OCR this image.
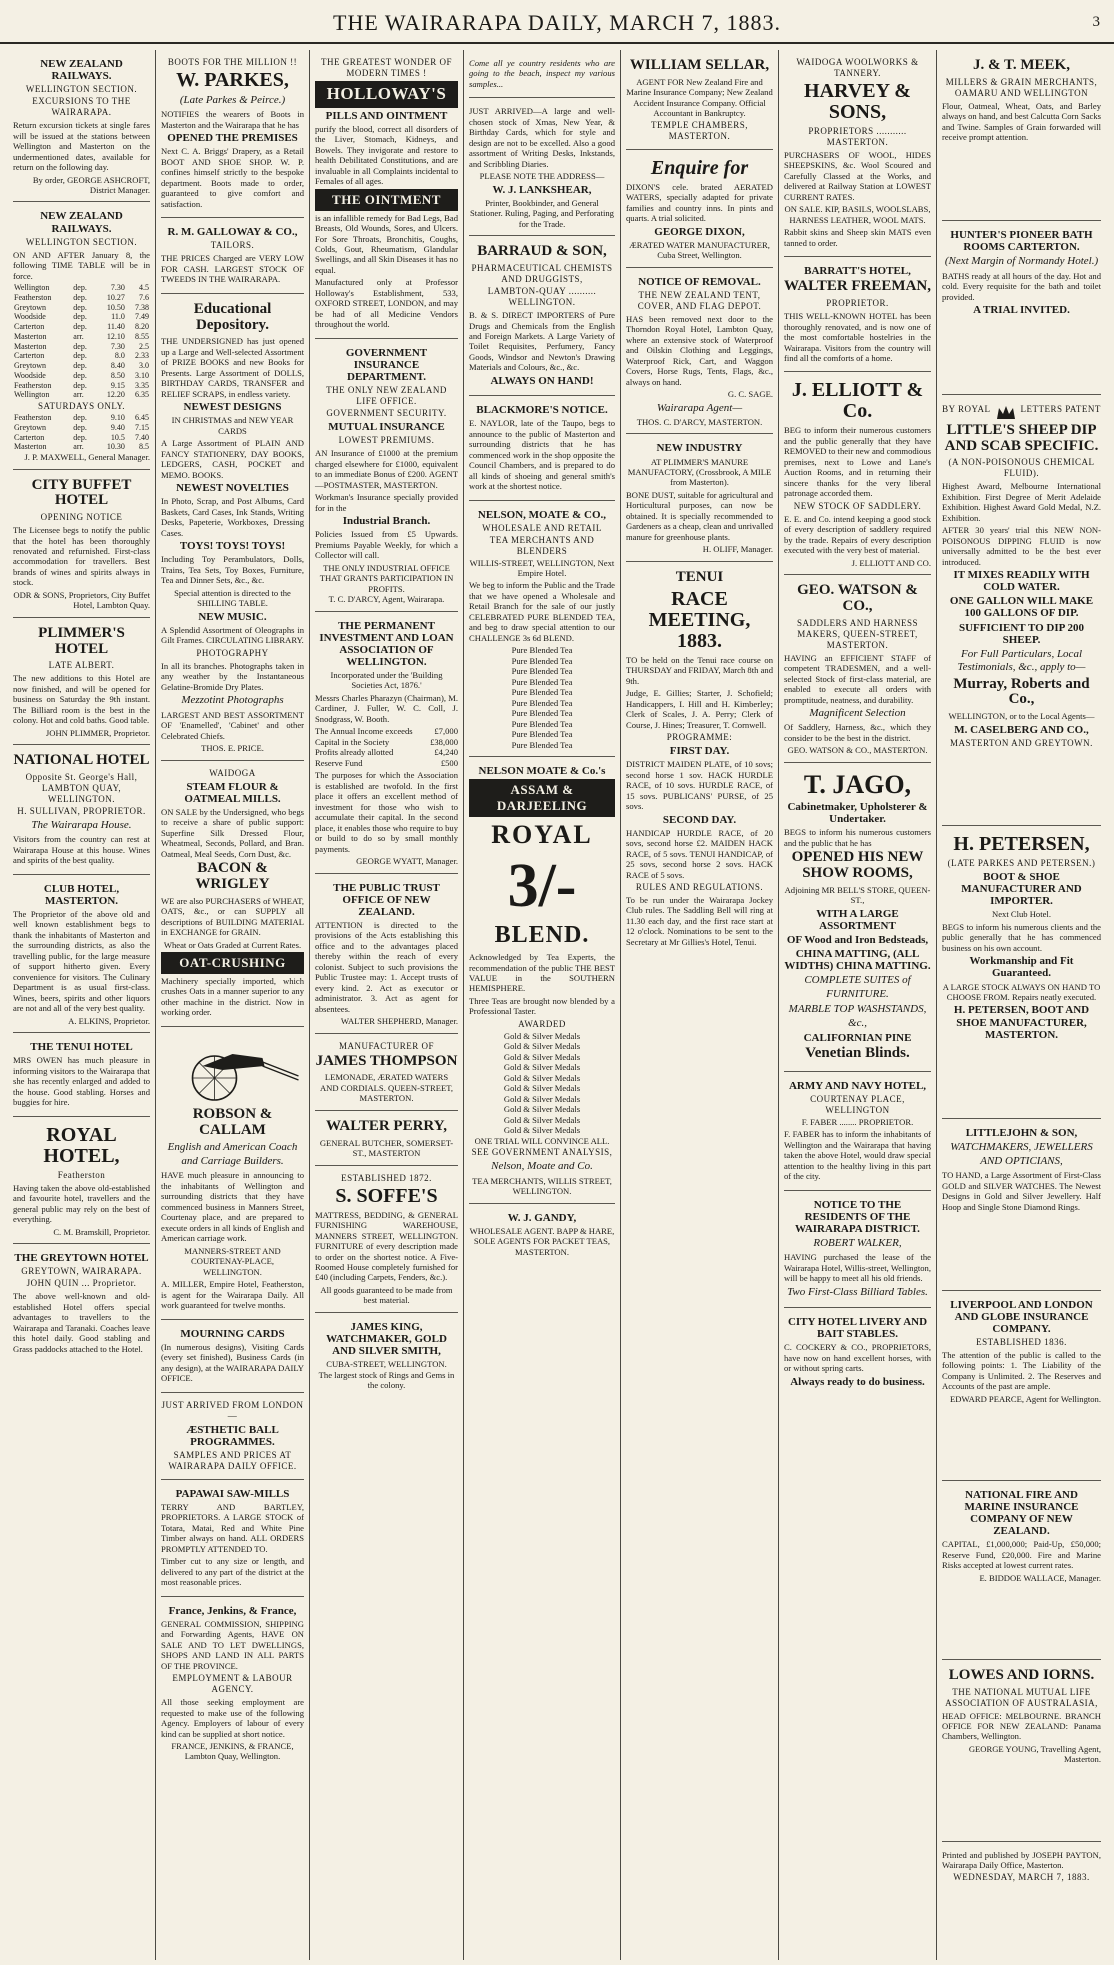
THE WAIRARAPA DAILY, MARCH 7, 1883.	3
NEW ZEALAND RAILWAYS.
WELLINGTON SECTION.
EXCURSIONS TO THE WAIRARAPA.
Return excursion tickets at single fares will be issued at the stations between Wellington and Masterton on the undermentioned dates, available for return on the following day.
By order, GEORGE ASHCROFT, District Manager.
NEW ZEALAND RAILWAYS.
WELLINGTON SECTION.
ON AND AFTER January 8, the following TIME TABLE will be in force.
Wellington	dep.	7.30	4.5
Featherston	dep.	10.27	7.6
Greytown	dep.	10.50	7.38
Woodside	dep.	11.0	7.49
Carterton	dep.	11.40	8.20
Masterton	arr.	12.10	8.55
Masterton	dep.	7.30	2.5
Carterton	dep.	8.0	2.33
Greytown	dep.	8.40	3.0
Woodside	dep.	8.50	3.10
Featherston	dep.	9.15	3.35
Wellington	arr.	12.20	6.35
SATURDAYS ONLY.
Featherston	dep.	9.10	6.45
Greytown	dep.	9.40	7.15
Carterton	dep.	10.5	7.40
Masterton	arr.	10.30	8.5
J. P. MAXWELL, General Manager.
CITY BUFFET HOTEL
OPENING NOTICE
The Licensee begs to notify the public that the hotel has been thoroughly renovated and refurnished. First-class accommodation for travellers. Best brands of wines and spirits always in stock.
ODR & SONS, Proprietors, City Buffet Hotel, Lambton Quay.
PLIMMER'S HOTEL
LATE ALBERT.
The new additions to this Hotel are now finished, and will be opened for business on Saturday the 9th instant. The Billiard room is the best in the colony. Hot and cold baths. Good table.
JOHN PLIMMER, Proprietor.
NATIONAL HOTEL
Opposite St. George's Hall, LAMBTON QUAY, WELLINGTON.
H. SULLIVAN, PROPRIETOR.
The Wairarapa House.
Visitors from the country can rest at Wairarapa House at this house. Wines and spirits of the best quality.
CLUB HOTEL, MASTERTON.
The Proprietor of the above old and well known establishment begs to thank the inhabitants of Masterton and the surrounding districts, as also the travelling public, for the large measure of support hitherto given. Every convenience for visitors. The Culinary Department is as usual first-class. Wines, beers, spirits and other liquors are not and all of the very best quality.
A. ELKINS, Proprietor.
THE TENUI HOTEL
MRS OWEN has much pleasure in informing visitors to the Wairarapa that she has recently enlarged and added to the house. Good stabling. Horses and buggies for hire.
ROYAL HOTEL,
Featherston
Having taken the above old-established and favourite hotel, travellers and the general public may rely on the best of everything.
C. M. Bramskill, Proprietor.
THE GREYTOWN HOTEL
GREYTOWN, WAIRARAPA.
JOHN QUIN ... Proprietor.
The above well-known and old-established Hotel offers special advantages to travellers to the Wairarapa and Taranaki. Coaches leave this hotel daily. Good stabling and Grass paddocks attached to the Hotel.
BOOTS FOR THE MILLION !!
W. PARKES,
(Late Parkes & Peirce.)
NOTIFIES the wearers of Boots in Masterton and the Wairarapa that he has
OPENED THE PREMISES
Next C. A. Briggs' Drapery, as a Retail BOOT AND SHOE SHOP. W. P. confines himself strictly to the bespoke department. Boots made to order, guaranteed to give comfort and satisfaction.
R. M. GALLOWAY & CO.,
TAILORS.
THE PRICES Charged are VERY LOW FOR CASH. LARGEST STOCK OF TWEEDS IN THE WAIRARAPA.
Educational Depository.
THE UNDERSIGNED has just opened up a Large and Well-selected Assortment of PRIZE BOOKS and new Books for Presents. Large Assortment of DOLLS, BIRTHDAY CARDS, TRANSFER and RELIEF SCRAPS, in endless variety.
NEWEST DESIGNS
IN CHRISTMAS and NEW YEAR CARDS
A Large Assortment of PLAIN AND FANCY STATIONERY, DAY BOOKS, LEDGERS, CASH, POCKET and MEMO. BOOKS.
NEWEST NOVELTIES
In Photo, Scrap, and Post Albums, Card Baskets, Card Cases, Ink Stands, Writing Desks, Papeterie, Workboxes, Dressing Cases.
TOYS! TOYS! TOYS!
Including Toy Perambulators, Dolls, Trains, Tea Sets, Toy Boxes, Furniture, Tea and Dinner Sets, &c., &c.
Special attention is directed to the SHILLING TABLE.
NEW MUSIC.
A Splendid Assortment of Oleographs in Gilt Frames. CIRCULATING LIBRARY.
PHOTOGRAPHY
In all its branches. Photographs taken in any weather by the Instantaneous Gelatine-Bromide Dry Plates.
Mezzotint Photographs
LARGEST AND BEST ASSORTMENT OF 'Enamelled', 'Cabinet' and other Celebrated Chiefs.
THOS. E. PRICE.
WAIDOGA
STEAM FLOUR & OATMEAL MILLS.
ON SALE by the Undersigned, who begs to receive a share of public support: Superfine Silk Dressed Flour, Wheatmeal, Seconds, Pollard, and Bran. Oatmeal, Meal Seeds, Corn Dust, &c.
BACON & WRIGLEY
WE are also PURCHASERS of WHEAT, OATS, &c., or can SUPPLY all descriptions of BUILDING MATERIAL in EXCHANGE for GRAIN.
Wheat or Oats Graded at Current Rates.
OAT-CRUSHING
Machinery specially imported, which crushes Oats in a manner superior to any other machine in the district. Now in working order.
ROBSON & CALLAM
English and American Coach and Carriage Builders.
HAVE much pleasure in announcing to the inhabitants of Wellington and surrounding districts that they have commenced business in Manners Street, Courtenay place, and are prepared to execute orders in all kinds of English and American carriage work.
MANNERS-STREET AND COURTENAY-PLACE, WELLINGTON.
A. MILLER, Empire Hotel, Featherston, is agent for the Wairarapa Daily. All work guaranteed for twelve months.
MOURNING CARDS
(In numerous designs), Visiting Cards (every set finished), Business Cards (in any design), at the WAIRARAPA DAILY OFFICE.
JUST ARRIVED FROM LONDON—
ÆSTHETIC BALL PROGRAMMES.
SAMPLES AND PRICES AT WAIRARAPA DAILY OFFICE.
PAPAWAI SAW-MILLS
TERRY AND BARTLEY, PROPRIETORS. A LARGE STOCK of Totara, Matai, Red and White Pine Timber always on hand. ALL ORDERS PROMPTLY ATTENDED TO.
Timber cut to any size or length, and delivered to any part of the district at the most reasonable prices.
France, Jenkins, & France,
GENERAL COMMISSION, SHIPPING and Forwarding Agents, HAVE ON SALE AND TO LET DWELLINGS, SHOPS AND LAND IN ALL PARTS OF THE PROVINCE.
EMPLOYMENT & LABOUR AGENCY.
All those seeking employment are requested to make use of the following Agency. Employers of labour of every kind can be supplied at short notice.
FRANCE, JENKINS, & FRANCE, Lambton Quay, Wellington.
THE GREATEST WONDER OF MODERN TIMES !
HOLLOWAY'S
PILLS AND OINTMENT
purify the blood, correct all disorders of the Liver, Stomach, Kidneys, and Bowels. They invigorate and restore to health Debilitated Constitutions, and are invaluable in all Complaints incidental to Females of all ages.
THE OINTMENT
is an infallible remedy for Bad Legs, Bad Breasts, Old Wounds, Sores, and Ulcers. For Sore Throats, Bronchitis, Coughs, Colds, Gout, Rheumatism, Glandular Swellings, and all Skin Diseases it has no equal.
Manufactured only at Professor Holloway's Establishment, 533, OXFORD STREET, LONDON, and may be had of all Medicine Vendors throughout the world.
GOVERNMENT INSURANCE DEPARTMENT.
THE ONLY NEW ZEALAND LIFE OFFICE.
GOVERNMENT SECURITY.
MUTUAL INSURANCE
LOWEST PREMIUMS.
AN Insurance of £1000 at the premium charged elsewhere for £1000, equivalent to an immediate Bonus of £200. AGENT—POSTMASTER, MASTERTON.
Workman's Insurance specially provided for in the
Industrial Branch.
Policies Issued from £5 Upwards. Premiums Payable Weekly, for which a Collector will call.
THE ONLY INDUSTRIAL OFFICE THAT GRANTS PARTICIPATION IN PROFITS.
T. C. D'ARCY, Agent, Wairarapa.
THE PERMANENT INVESTMENT AND LOAN ASSOCIATION OF WELLINGTON.
Incorporated under the 'Building Societies Act, 1876.'
Messrs Charles Pharazyn (Chairman), M. Cardiner, J. Fuller, W. C. Coll, J. Snodgrass, W. Booth.
The Annual Income exceeds	£7,000
Capital in the Society	£38,000
Profits already allotted	£4,240
Reserve Fund	£500
The purposes for which the Association is established are twofold. In the first place it offers an excellent method of investment for those who wish to accumulate their capital. In the second place, it enables those who require to buy or build to do so by small monthly payments.
GEORGE WYATT, Manager.
THE PUBLIC TRUST OFFICE OF NEW ZEALAND.
ATTENTION is directed to the provisions of the Acts establishing this office and to the advantages placed thereby within the reach of every colonist. Subject to such provisions the Public Trustee may: 1. Accept trusts of every kind. 2. Act as executor or administrator. 3. Act as agent for absentees.
WALTER SHEPHERD, Manager.
MANUFACTURER OF
JAMES THOMPSON
LEMONADE, ÆRATED WATERS AND CORDIALS. QUEEN-STREET, MASTERTON.
WALTER PERRY,
GENERAL BUTCHER, SOMERSET-ST., MASTERTON
ESTABLISHED 1872.
S. SOFFE'S
MATTRESS, BEDDING, & GENERAL FURNISHING WAREHOUSE, MANNERS STREET, WELLINGTON. FURNITURE of every description made to order on the shortest notice. A Five-Roomed House completely furnished for £40 (including Carpets, Fenders, &c.).
All goods guaranteed to be made from best material.
JAMES KING, WATCHMAKER, GOLD AND SILVER SMITH,
CUBA-STREET, WELLINGTON.
The largest stock of Rings and Gems in the colony.
Come all ye country residents who are going to the beach, inspect my various samples...
JUST ARRIVED—A large and well-chosen stock of Xmas, New Year, & Birthday Cards, which for style and design are not to be excelled. Also a good assortment of Writing Desks, Inkstands, and Scribbling Diaries.
PLEASE NOTE THE ADDRESS—
W. J. LANKSHEAR,
Printer, Bookbinder, and General Stationer. Ruling, Paging, and Perforating for the Trade.
BARRAUD & SON,
PHARMACEUTICAL CHEMISTS AND DRUGGISTS,
LAMBTON-QUAY .......... WELLINGTON.
B. & S. DIRECT IMPORTERS of Pure Drugs and Chemicals from the English and Foreign Markets. A Large Variety of Toilet Requisites, Perfumery, Fancy Goods, Windsor and Newton's Drawing Materials and Colours, &c., &c.
ALWAYS ON HAND!
BLACKMORE'S NOTICE.
E. NAYLOR, late of the Taupo, begs to announce to the public of Masterton and surrounding districts that he has commenced work in the shop opposite the Council Chambers, and is prepared to do all kinds of shoeing and general smith's work at the shortest notice.
NELSON, MOATE & CO.,
WHOLESALE AND RETAIL
TEA MERCHANTS AND BLENDERS
WILLIS-STREET, WELLINGTON, Next Empire Hotel.
We beg to inform the Public and the Trade that we have opened a Wholesale and Retail Branch for the sale of our justly CELEBRATED PURE BLENDED TEA, and beg to draw special attention to our CHALLENGE 3s 6d BLEND.
Pure Blended Tea
Pure Blended Tea
Pure Blended Tea
Pure Blended Tea
Pure Blended Tea
Pure Blended Tea
Pure Blended Tea
Pure Blended Tea
Pure Blended Tea
Pure Blended Tea
NELSON MOATE & Co.'s
ASSAM & DARJEELING
ROYAL
3/-
BLEND.
Acknowledged by Tea Experts, the recommendation of the public THE BEST VALUE in the SOUTHERN HEMISPHERE.
Three Teas are brought now blended by a Professional Taster.
AWARDED
Gold & Silver Medals
Gold & Silver Medals
Gold & Silver Medals
Gold & Silver Medals
Gold & Silver Medals
Gold & Silver Medals
Gold & Silver Medals
Gold & Silver Medals
Gold & Silver Medals
Gold & Silver Medals
ONE TRIAL WILL CONVINCE ALL.
SEE GOVERNMENT ANALYSIS,
Nelson, Moate and Co.
TEA MERCHANTS, WILLIS STREET, WELLINGTON.
W. J. GANDY,
WHOLESALE AGENT. BAPP & HARE, SOLE AGENTS FOR PACKET TEAS, MASTERTON.
WILLIAM SELLAR,
AGENT FOR New Zealand Fire and Marine Insurance Company; New Zealand Accident Insurance Company. Official Accountant in Bankruptcy.
TEMPLE CHAMBERS, MASTERTON.
Enquire for
DIXON'S cele. brated AERATED WATERS, specially adapted for private families and country inns. In pints and quarts. A trial solicited.
GEORGE DIXON,
ÆRATED WATER MANUFACTURER, Cuba Street, Wellington.
NOTICE OF REMOVAL.
THE NEW ZEALAND TENT, COVER, AND FLAG DEPOT.
HAS been removed next door to the Thorndon Royal Hotel, Lambton Quay, where an extensive stock of Waterproof and Oilskin Clothing and Leggings, Waterproof Rick, Cart, and Waggon Covers, Horse Rugs, Tents, Flags, &c., always on hand.
G. C. SAGE.
Wairarapa Agent—
THOS. C. D'ARCY, MASTERTON.
NEW INDUSTRY
AT PLIMMER'S MANURE MANUFACTORY, (Crossbrook, A MILE from Masterton).
BONE DUST, suitable for agricultural and Horticultural purposes, can now be obtained. It is specially recommended to Gardeners as a cheap, clean and unrivalled manure for greenhouse plants.
H. OLIFF, Manager.
TENUI
RACE MEETING, 1883.
TO be held on the Tenui race course on THURSDAY and FRIDAY, March 8th and 9th.
Judge, E. Gillies; Starter, J. Schofield; Handicappers, I. Hill and H. Kimberley; Clerk of Scales, J. A. Perry; Clerk of Course, J. Hines; Treasurer, T. Cornwell.
PROGRAMME:
FIRST DAY.
DISTRICT MAIDEN PLATE, of 10 sovs; second horse 1 sov. HACK HURDLE RACE, of 10 sovs. HURDLE RACE, of 15 sovs. PUBLICANS' PURSE, of 25 sovs.
SECOND DAY.
HANDICAP HURDLE RACE, of 20 sovs, second horse £2. MAIDEN HACK RACE, of 5 sovs. TENUI HANDICAP, of 25 sovs, second horse 2 sovs. HACK RACE of 5 sovs.
RULES AND REGULATIONS.
To be run under the Wairarapa Jockey Club rules. The Saddling Bell will ring at 11.30 each day, and the first race start at 12 o'clock. Nominations to be sent to the Secretary at Mr Gillies's Hotel, Tenui.
WAIDOGA WOOLWORKS & TANNERY.
HARVEY & SONS,
PROPRIETORS ........... MASTERTON.
PURCHASERS OF WOOL, HIDES SHEEPSKINS, &c. Wool Scoured and Carefully Classed at the Works, and delivered at Railway Station at LOWEST CURRENT RATES.
ON SALE. KIP, BASILS, WOOLSLABS, HARNESS LEATHER, WOOL MATS.
Rabbit skins and Sheep skin MATS even tanned to order.
BARRATT'S HOTEL,
WALTER FREEMAN,
PROPRIETOR.
THIS WELL-KNOWN HOTEL has been thoroughly renovated, and is now one of the most comfortable hostelries in the Wairarapa. Visitors from the country will find all the comforts of a home.
J. ELLIOTT & Co.
BEG to inform their numerous customers and the public generally that they have REMOVED to their new and commodious premises, next to Lowe and Lane's Auction Rooms, and in returning their sincere thanks for the very liberal patronage accorded them.
NEW STOCK OF SADDLERY.
E. E. and Co. intend keeping a good stock of every description of saddlery required by the trade. Repairs of every description executed with the very best of material.
J. ELLIOTT AND CO.
GEO. WATSON & CO.,
SADDLERS AND HARNESS MAKERS, QUEEN-STREET, MASTERTON.
HAVING an EFFICIENT STAFF of competent TRADESMEN, and a well-selected Stock of first-class material, are enabled to execute all orders with promptitude, neatness, and durability.
Magnificent Selection
Of Saddlery, Harness, &c., which they consider to be the best in the district.
GEO. WATSON & CO., MASTERTON.
T. JAGO,
Cabinetmaker, Upholsterer & Undertaker.
BEGS to inform his numerous customers and the public that he has
OPENED HIS NEW SHOW ROOMS,
Adjoining MR BELL'S STORE, QUEEN-ST.,
WITH A LARGE ASSORTMENT
OF Wood and Iron Bedsteads,
CHINA MATTING, (ALL WIDTHS) CHINA MATTING.
COMPLETE SUITES of FURNITURE.
MARBLE TOP WASHSTANDS, &c.,
CALIFORNIAN PINE
Venetian Blinds.
ARMY AND NAVY HOTEL,
COURTENAY PLACE, WELLINGTON
F. FABER ........ PROPRIETOR.
F. FABER has to inform the inhabitants of Wellington and the Wairarapa that having taken the above Hotel, would draw special attention to the healthy living in this part of the city.
NOTICE TO THE RESIDENTS OF THE WAIRARAPA DISTRICT.
ROBERT WALKER,
HAVING purchased the lease of the Wairarapa Hotel, Willis-street, Wellington, will be happy to meet all his old friends.
Two First-Class Billiard Tables.
CITY HOTEL LIVERY AND BAIT STABLES.
C. COCKERY & CO., PROPRIETORS, have now on hand excellent horses, with or without spring carts.
Always ready to do business.
J. & T. MEEK,
MILLERS & GRAIN MERCHANTS, OAMARU AND WELLINGTON
Flour, Oatmeal, Wheat, Oats, and Barley always on hand, and best Calcutta Corn Sacks and Twine. Samples of Grain forwarded will receive prompt attention.
HUNTER'S PIONEER BATH ROOMS CARTERTON.
(Next Margin of Normandy Hotel.)
BATHS ready at all hours of the day. Hot and cold. Every requisite for the bath and toilet provided.
A TRIAL INVITED.
BY ROYAL	LETTERS PATENT
LITTLE'S SHEEP DIP AND SCAB SPECIFIC.
(A NON-POISONOUS CHEMICAL FLUID).
Highest Award, Melbourne International Exhibition. First Degree of Merit Adelaide Exhibition. Highest Award Gold Medal, N.Z. Exhibition.
AFTER 30 years' trial this NEW NON-POISONOUS DIPPING FLUID is now universally admitted to be the best ever introduced.
IT MIXES READILY WITH COLD WATER.
ONE GALLON WILL MAKE 100 GALLONS OF DIP.
SUFFICIENT TO DIP 200 SHEEP.
For Full Particulars, Local Testimonials, &c., apply to—
Murray, Roberts and Co.,
WELLINGTON, or to the Local Agents—
M. CASELBERG AND CO.,
MASTERTON AND GREYTOWN.
H. PETERSEN,
(LATE PARKES AND PETERSEN.)
BOOT & SHOE MANUFACTURER AND IMPORTER.
Next Club Hotel.
BEGS to inform his numerous clients and the public generally that he has commenced business on his own account.
Workmanship and Fit Guaranteed.
A LARGE STOCK ALWAYS ON HAND TO CHOOSE FROM. Repairs neatly executed.
H. PETERSEN, BOOT AND SHOE MANUFACTURER, MASTERTON.
LITTLEJOHN & SON,
WATCHMAKERS, JEWELLERS AND OPTICIANS,
TO HAND, a Large Assortment of First-Class GOLD and SILVER WATCHES. The Newest Designs in Gold and Silver Jewellery. Half Hoop and Single Stone Diamond Rings.
LIVERPOOL AND LONDON AND GLOBE INSURANCE COMPANY.
ESTABLISHED 1836.
The attention of the public is called to the following points: 1. The Liability of the Company is Unlimited. 2. The Reserves and Accounts of the past are ample.
EDWARD PEARCE, Agent for Wellington.
NATIONAL FIRE AND MARINE INSURANCE COMPANY OF NEW ZEALAND.
CAPITAL, £1,000,000; Paid-Up, £50,000; Reserve Fund, £20,000. Fire and Marine Risks accepted at lowest current rates.
E. BIDDOE WALLACE, Manager.
LOWES AND IORNS.
THE NATIONAL MUTUAL LIFE ASSOCIATION OF AUSTRALASIA,
HEAD OFFICE: MELBOURNE. BRANCH OFFICE FOR NEW ZEALAND: Panama Chambers, Wellington.
GEORGE YOUNG, Travelling Agent, Masterton.
Printed and published by JOSEPH PAYTON, Wairarapa Daily Office, Masterton.
WEDNESDAY, MARCH 7, 1883.
